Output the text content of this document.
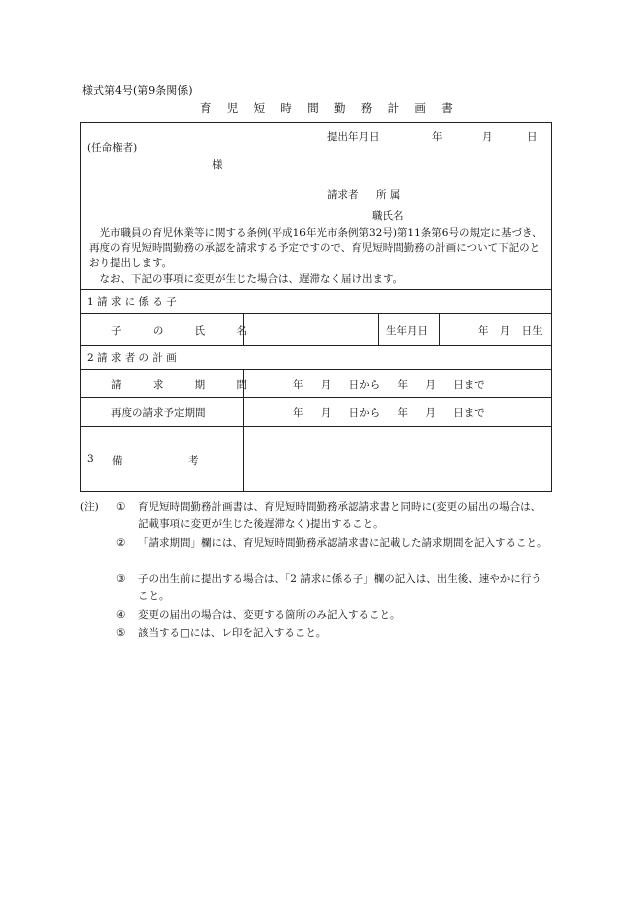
様式第4号(第9条関係)
育児短時間勤務計画書
提出年月日	年	月	日
(任命権者)
様
請求者 所 属
職氏名

光市職員の育児休業等に関する条例(平成16年光市条例第32号)第11条第6号の規定に基づき、再度の育児短時間勤務の承認を請求する予定ですので、育児短時間勤務の計画について下記のとおり提出します。

なお、下記の事項に変更が生じた場合は、遅滞なく届け出ます。

1 請 求 に 係 る 子
子 の 氏 名	生年月日	年 月 日生
2 請 求 者 の 計 画
請 求 期 間	年 月 日から 年 月 日まで
再度の請求予定期間	年 月 日から 年 月 日まで
3 備	考
(注) ① 育児短時間勤務計画書は、育児短時間勤務承認請求書と同時に(変更の届出の場合は、記載事項に変更が生じた後遅滞なく)提出すること。
② 「請求期間」欄には、育児短時間勤務承認請求書に記載した請求期間を記入すること。
③ 子の出生前に提出する場合は、「2 請求に係る子」欄の記入は、出生後、速やかに行うこと。
④ 変更の届出の場合は、変更する箇所のみ記入すること。
⑤ 該当する□には、レ印を記入すること。
